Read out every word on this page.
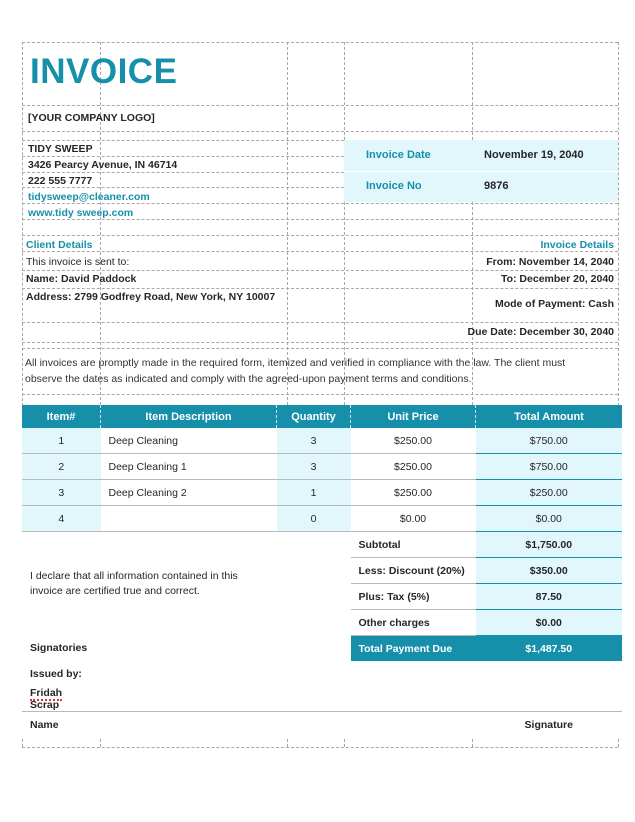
INVOICE
[YOUR COMPANY LOGO]
TIDY SWEEP
3426 Pearcy Avenue, IN 46714
222 555 7777
tidysweep@cleaner.com
www.tidy sweep.com
Invoice Date	November 19, 2040
Invoice No	9876
Client Details
This invoice is sent to:
Name: David Paddock
Address: 2799 Godfrey Road, New York, NY 10007
Invoice Details
From: November 14, 2040
To: December 20, 2040
Mode of Payment: Cash
Due Date: December 30, 2040
All invoices are promptly made in the required form, itemized and verified in compliance with the law. The client must observe the dates as indicated and comply with the agreed-upon payment terms and conditions.
Item#	Item Description	Quantity	Unit Price	Total Amount
1	Deep Cleaning	3	$250.00	$750.00
2	Deep Cleaning 1	3	$250.00	$750.00
3	Deep Cleaning 2	1	$250.00	$250.00
4		0	$0.00	$0.00
			Subtotal	$1,750.00
I declare that all information contained in this invoice are certified true and correct.			Less: Discount (20%)	$350.00
			Plus: Tax (5%)	87.50
			Other charges	$0.00
Signatories			Total Payment Due	$1,487.50
Issued by:				
Fridah Scrap				
Name				Signature
